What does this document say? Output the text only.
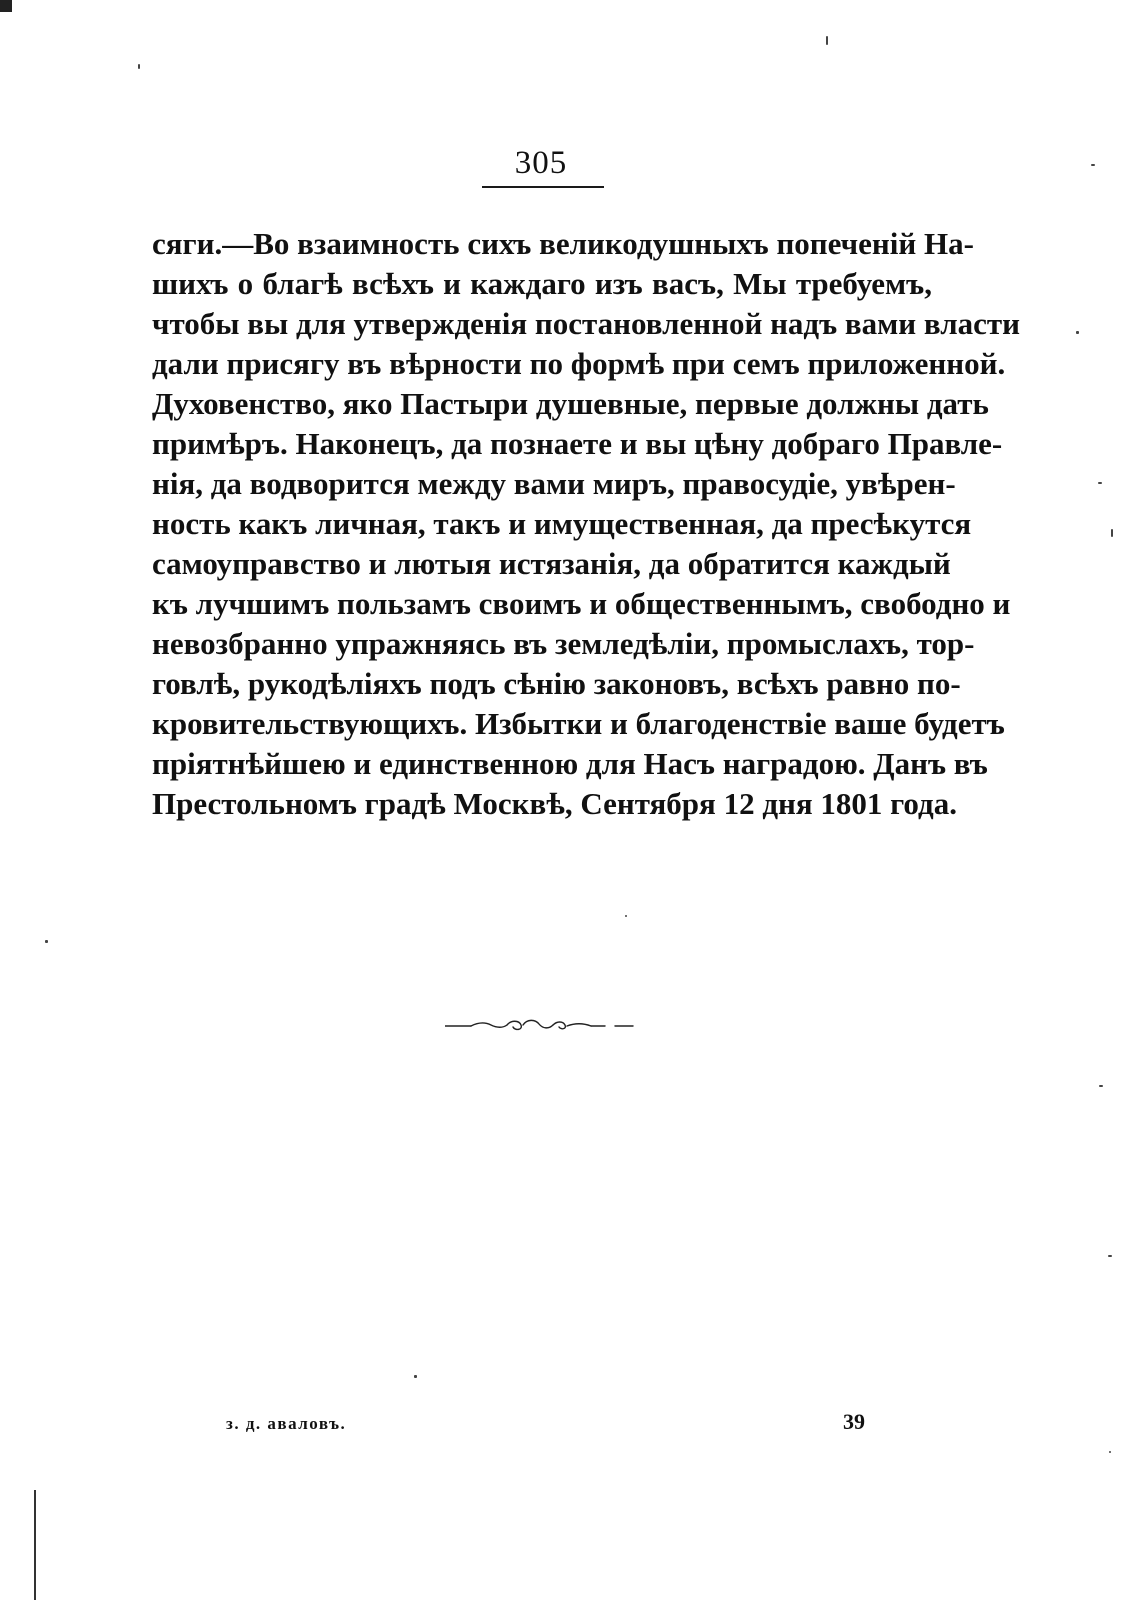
305
сяги.—Во взаимность сихъ великодушныхъ попеченій На-
шихъ о благѣ всѣхъ и каждаго изъ васъ, Мы требуемъ,
чтобы вы для утвержденія постановленной надъ вами власти
дали присягу въ вѣрности по формѣ при семъ приложенной.
Духовенство, яко Пастыри душевные, первые должны дать
примѣръ. Наконецъ, да познаете и вы цѣну добраго Правле-
нія, да водворится между вами миръ, правосудіе, увѣрен-
ность какъ личная, такъ и имущественная, да пресѣкутся
самоуправство и лютыя истязанія, да обратится каждый
къ лучшимъ пользамъ своимъ и общественнымъ, свободно и
невозбранно упражняясь въ земледѣліи, промыслахъ, тор-
говлѣ, рукодѣліяхъ подъ сѣнію законовъ, всѣхъ равно по-
кровительствующихъ. Избытки и благоденствіе ваше будетъ
пріятнѣйшею и единственною для Насъ наградою. Данъ въ
Престольномъ градѣ Москвѣ, Сентября 12 дня 1801 года.
з. д. аваловъ.	39
